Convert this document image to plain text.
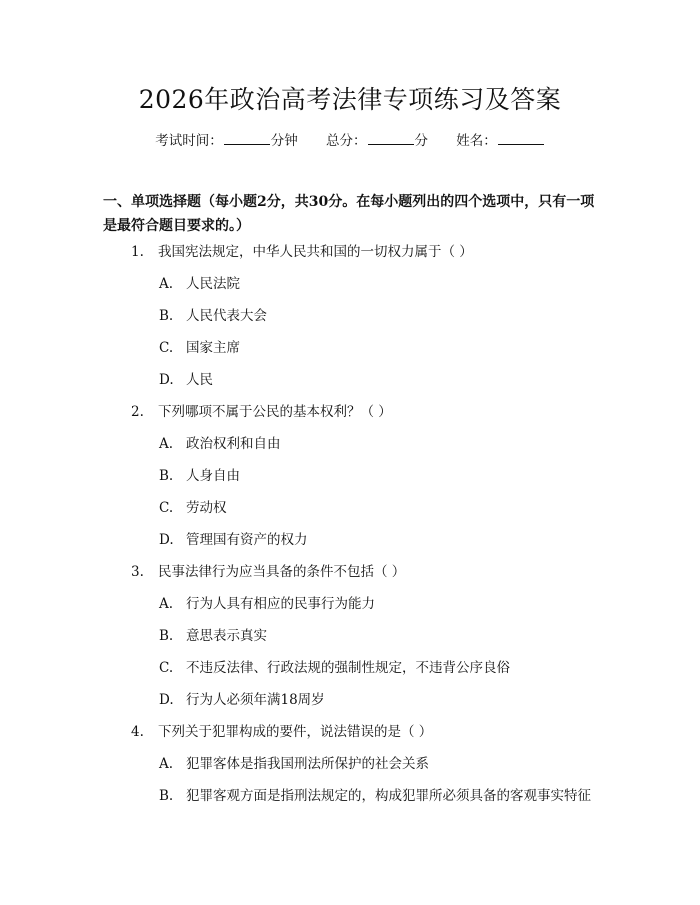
2026年政治高考法律专项练习及答案
考试时间：	分钟 总分：	分 姓名：
一、单项选择题（每小题2分，共30分。在每小题列出的四个选项中，只有一项是最符合题目要求的。）
1. 我国宪法规定，中华人民共和国的一切权力属于（ ）
A. 人民法院
B. 人民代表大会
C. 国家主席
D. 人民
2. 下列哪项不属于公民的基本权利？（ ）
A. 政治权利和自由
B. 人身自由
C. 劳动权
D. 管理国有资产的权力
3. 民事法律行为应当具备的条件不包括（ ）
A. 行为人具有相应的民事行为能力
B. 意思表示真实
C. 不违反法律、行政法规的强制性规定，不违背公序良俗
D. 行为人必须年满18周岁
4. 下列关于犯罪构成的要件，说法错误的是（ ）
A. 犯罪客体是指我国刑法所保护的社会关系
B. 犯罪客观方面是指刑法规定的，构成犯罪所必须具备的客观事实特征
